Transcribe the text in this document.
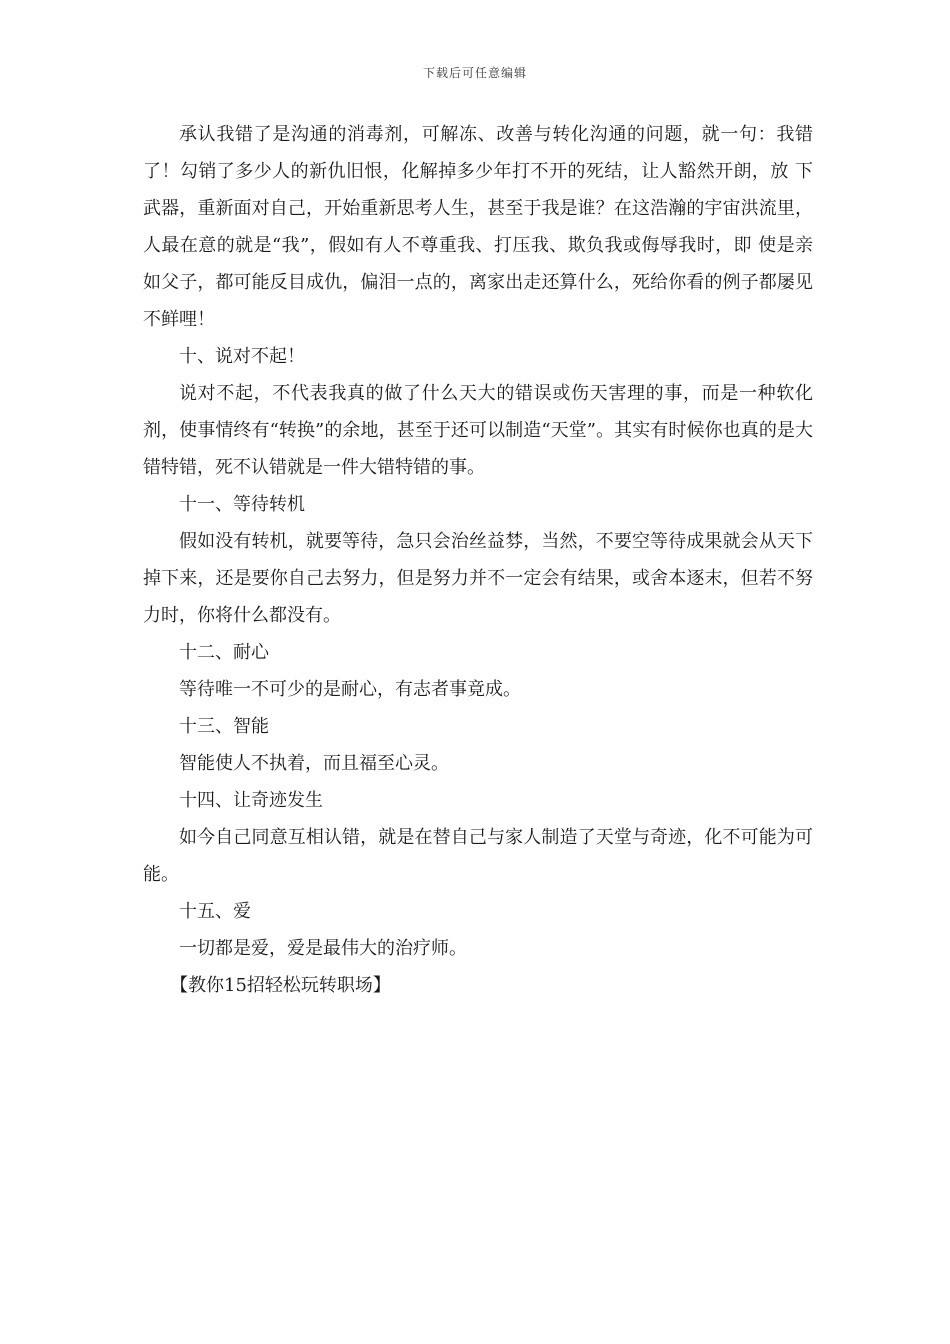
下载后可任意编辑

承认我错了是沟通的消毒剂，可解冻、改善与转化沟通的问题，就一句：我错了！勾销了多少人的新仇旧恨，化解掉多少年打不开的死结，让人豁然开朗，放 下武器，重新面对自己，开始重新思考人生，甚至于我是谁？在这浩瀚的宇宙洪流里，人最在意的就是“我”，假如有人不尊重我、打压我、欺负我或侮辱我时，即 使是亲如父子，都可能反目成仇，偏泪一点的，离家出走还算什么，死给你看的例子都屡见不鲜哩！

十、说对不起！

说对不起，不代表我真的做了什么天大的错误或伤天害理的事，而是一种软化剂，使事情终有“转换”的余地，甚至于还可以制造“天堂”。其实有时候你也真的是大错特错，死不认错就是一件大错特错的事。

十一、等待转机

假如没有转机，就要等待，急只会治丝益棼，当然，不要空等待成果就会从天下掉下来，还是要你自己去努力，但是努力并不一定会有结果，或舍本逐末，但若不努力时，你将什么都没有。

十二、耐心

等待唯一不可少的是耐心，有志者事竟成。

十三、智能

智能使人不执着，而且福至心灵。

十四、让奇迹发生

如今自己同意互相认错，就是在替自己与家人制造了天堂与奇迹，化不可能为可能。

十五、爱

一切都是爱，爱是最伟大的治疗师。

【教你15招轻松玩转职场】
